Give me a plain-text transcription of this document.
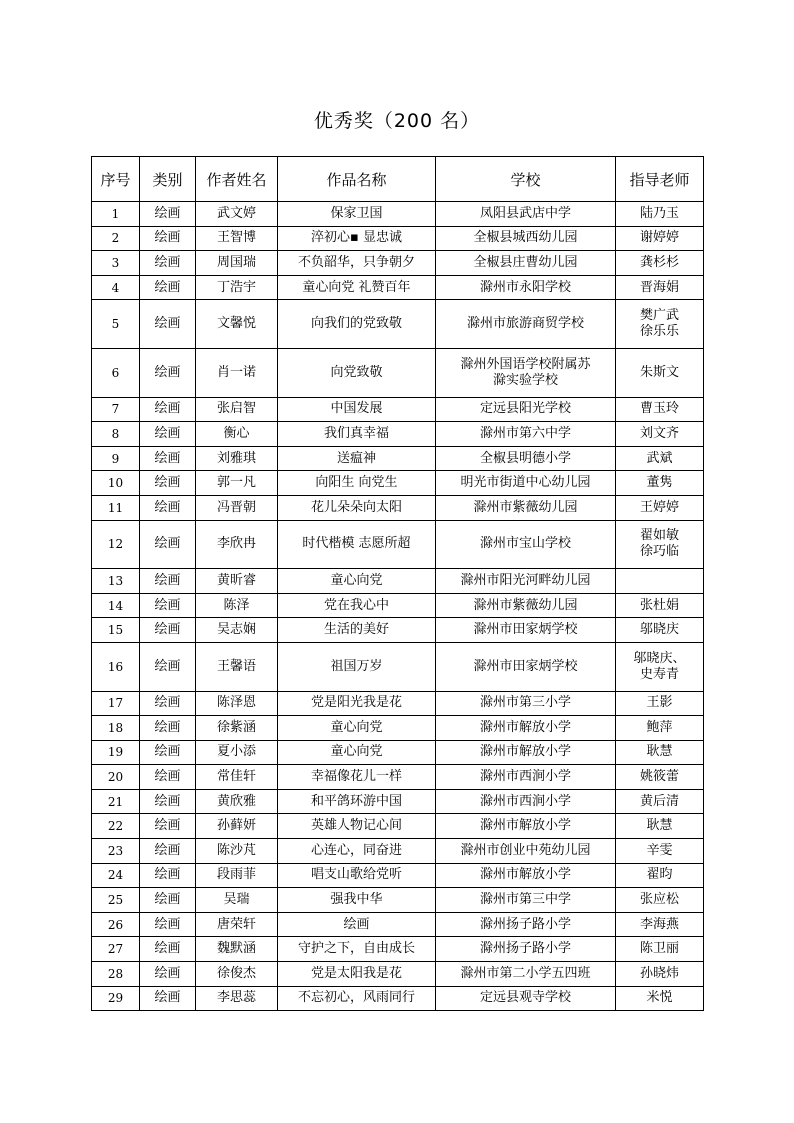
优秀奖（200 名）
序号	类别	作者姓名	作品名称	学校	指导老师
1	绘画	武文婷	保家卫国	凤阳县武店中学	陆乃玉
2	绘画	王智博	淬初心▪ 显忠诚	全椒县城西幼儿园	谢婷婷
3	绘画	周国瑞	不负韶华，只争朝夕	全椒县庄曹幼儿园	龚杉杉
4	绘画	丁浩宇	童心向党 礼赞百年	滁州市永阳学校	晋海娟
5	绘画	文馨悦	向我们的党致敬	滁州市旅游商贸学校	樊广武
徐乐乐
6	绘画	肖一诺	向党致敬	滁州外国语学校附属苏
滁实验学校	朱斯文
7	绘画	张启智	中国发展	定远县阳光学校	曹玉玲
8	绘画	衡心	我们真幸福	滁州市第六中学	刘文齐
9	绘画	刘雅琪	送瘟神	全椒县明德小学	武斌
10	绘画	郭一凡	向阳生 向党生	明光市街道中心幼儿园	董隽
11	绘画	冯晋朝	花儿朵朵向太阳	滁州市紫薇幼儿园	王婷婷
12	绘画	李欣冉	时代楷模 志愿所超	滁州市宝山学校	翟如敏
徐巧临
13	绘画	黄昕睿	童心向党	滁州市阳光河畔幼儿园	
14	绘画	陈泽	党在我心中	滁州市紫薇幼儿园	张杜娟
15	绘画	吴志娴	生活的美好	滁州市田家炳学校	邬晓庆
16	绘画	王馨语	祖国万岁	滁州市田家炳学校	邬晓庆、
史寿青
17	绘画	陈泽恩	党是阳光我是花	滁州市第三小学	王影
18	绘画	徐紫涵	童心向党	滁州市解放小学	鲍萍
19	绘画	夏小添	童心向党	滁州市解放小学	耿慧
20	绘画	常佳轩	幸福像花儿一样	滁州市西涧小学	姚筱蕾
21	绘画	黄欣雅	和平鸽环游中国	滁州市西涧小学	黄后清
22	绘画	孙藓妍	英雄人物记心间	滁州市解放小学	耿慧
23	绘画	陈沙芃	心连心，同奋进	滁州市创业中苑幼儿园	辛雯
24	绘画	段雨菲	唱支山歌给党听	滁州市解放小学	翟昀
25	绘画	吴瑞	强我中华	滁州市第三中学	张应松
26	绘画	唐荣轩	绘画	滁州扬子路小学	李海燕
27	绘画	魏默涵	守护之下，自由成长	滁州扬子路小学	陈卫丽
28	绘画	徐俊杰	党是太阳我是花	滁州市第二小学五四班	孙晓炜
29	绘画	李思蕊	不忘初心，风雨同行	定远县观寺学校	米悦
